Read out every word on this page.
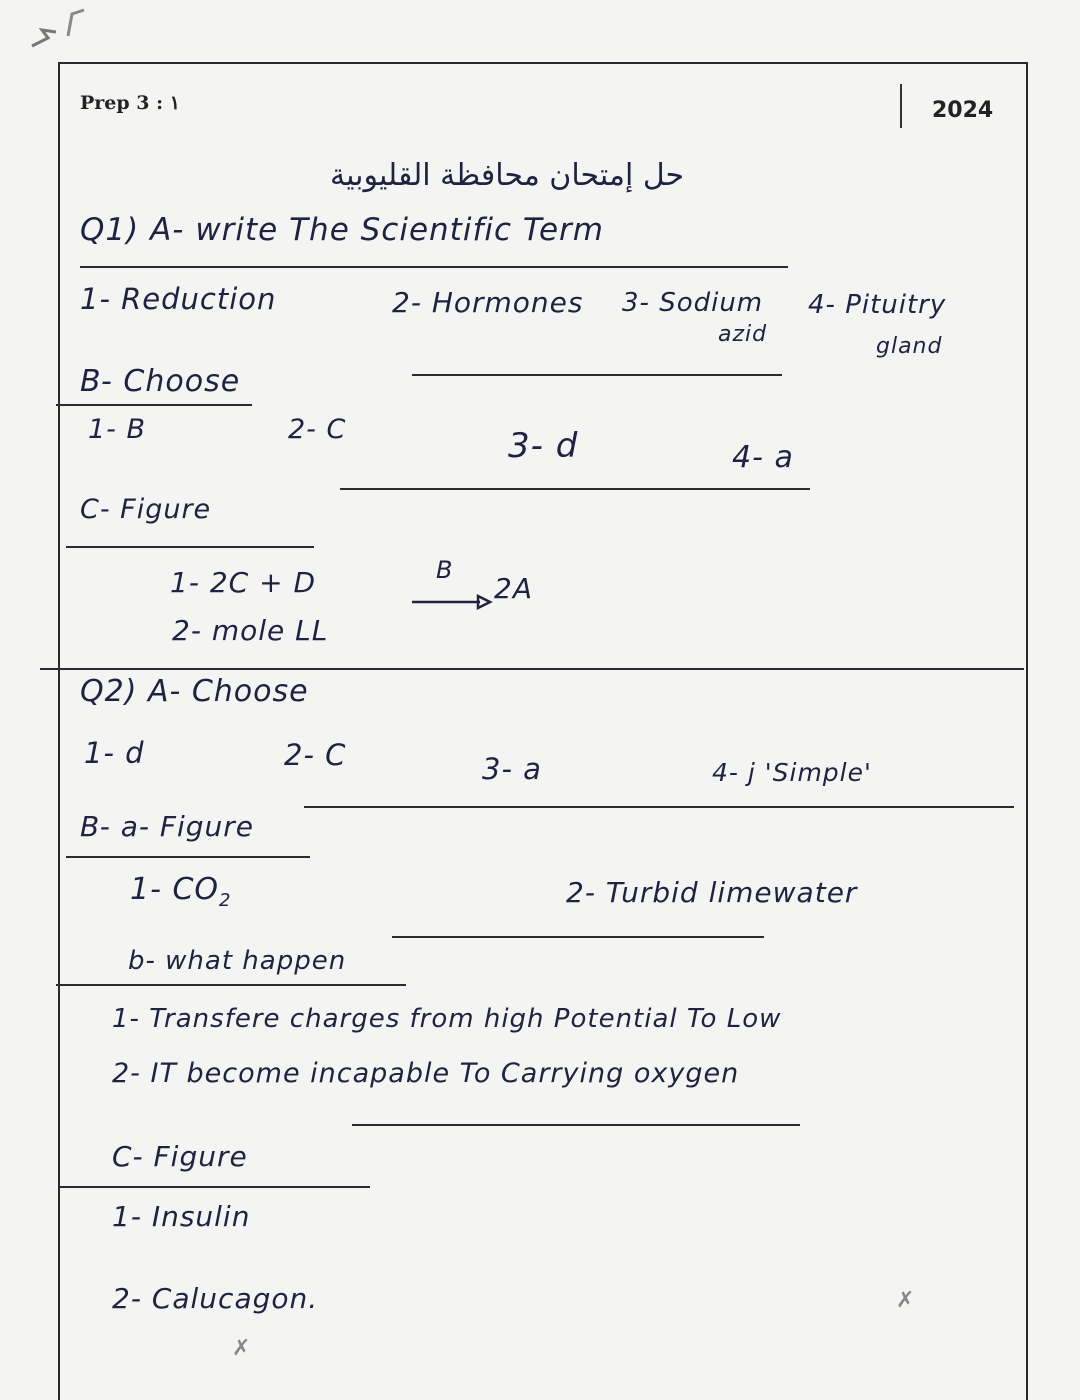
Prep 3 : ١	2024
حل إمتحان محافظة القليوبية
Q1) A- write The Scientific Term
1- Reduction	2- Hormones 3- Sodium
azid
4- Pituitry
gland
B- Choose
1- B	2- C	3- d	4- a
C- Figure
1- 2C + D	B
2A
2- mole LL
Q2) A- Choose
1- d	2- C	3- a	4- j 'Simple'
B- a- Figure
1- $CO_2$	2- Turbid limewater
b- what happen
1- Transfere charges from high Potential To Low
2- IT become incapable To Carrying oxygen
C- Figure
1- Insulin
2- Calucagon.	✗
✗
